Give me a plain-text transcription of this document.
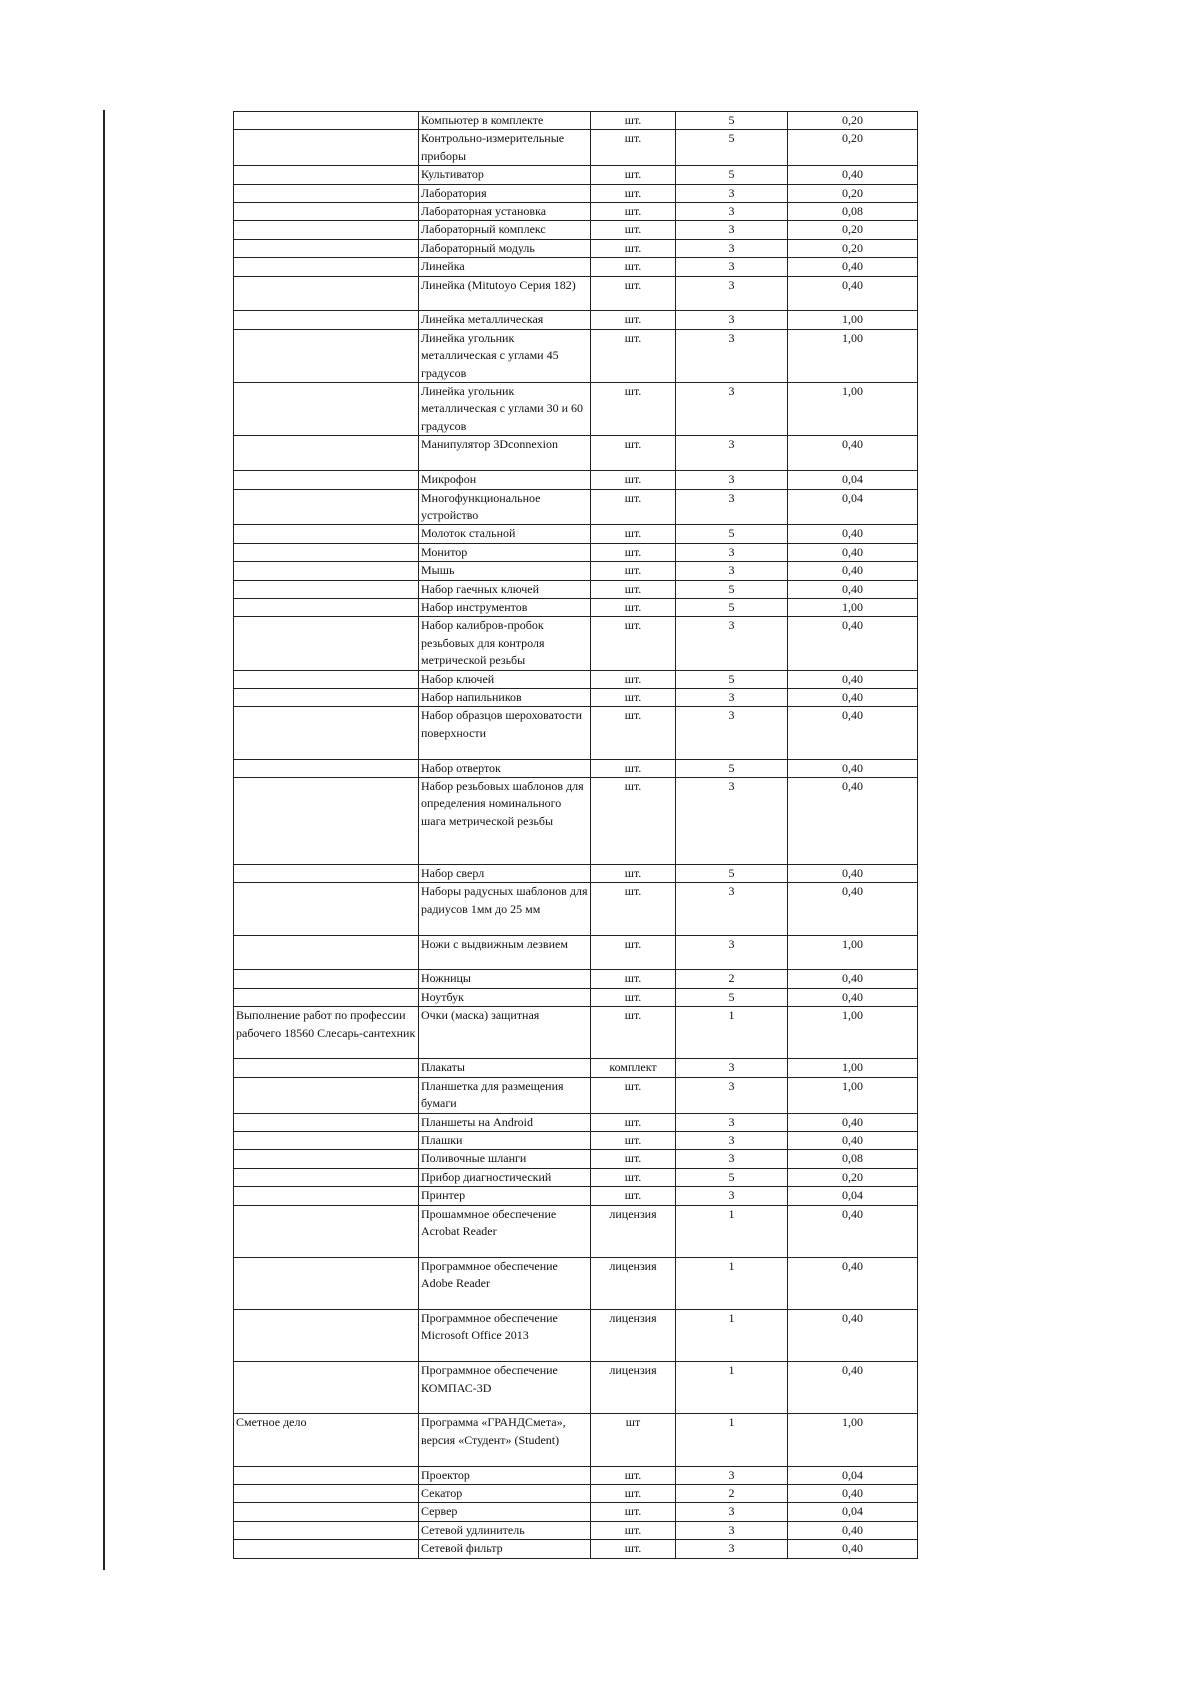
	Компьютер в комплекте	шт.	5	0,20
	Контрольно-измерительные приборы	шт.	5	0,20
	Культиватор	шт.	5	0,40
	Лаборатория	шт.	3	0,20
	Лабораторная установка	шт.	3	0,08
	Лабораторный комплекс	шт.	3	0,20
	Лабораторный модуль	шт.	3	0,20
	Линейка	шт.	3	0,40
	Линейка (Mitutoyo Серия 182)	шт.	3	0,40
	Линейка металлическая	шт.	3	1,00
	Линейка угольник металлическая с углами 45 градусов	шт.	3	1,00
	Линейка угольник металлическая с углами 30 и 60 градусов	шт.	3	1,00
	Манипулятор 3Dconnexion	шт.	3	0,40
	Микрофон	шт.	3	0,04
	Многофункциональное устройство	шт.	3	0,04
	Молоток стальной	шт.	5	0,40
	Монитор	шт.	3	0,40
	Мышь	шт.	3	0,40
	Набор гаечных ключей	шт.	5	0,40
	Набор инструментов	шт.	5	1,00
	Набор калибров-пробок резьбовых для контроля метрической резьбы	шт.	3	0,40
	Набор ключей	шт.	5	0,40
	Набор напильников	шт.	3	0,40
	Набор образцов шероховатости поверхности	шт.	3	0,40
	Набор отверток	шт.	5	0,40
	Набор резьбовых шаблонов для определения номинального шага метрической резьбы	шт.	3	0,40
	Набор сверл	шт.	5	0,40
	Наборы радусных шаблонов для радиусов 1мм до 25 мм	шт.	3	0,40
	Ножи с выдвижным лезвием	шт.	3	1,00
	Ножницы	шт.	2	0,40
	Ноутбук	шт.	5	0,40
Выполнение работ по профессии рабочего 18560 Слесарь-сантехник	Очки (маска) защитная	шт.	1	1,00
	Плакаты	комплект	3	1,00
	Планшетка для размещения бумаги	шт.	3	1,00
	Планшеты на Android	шт.	3	0,40
	Плашки	шт.	3	0,40
	Поливочные шланги	шт.	3	0,08
	Прибор диагностический	шт.	5	0,20
	Принтер	шт.	3	0,04
	Прошаммное обеспечение Acrobat Reader	лицензия	1	0,40
	Программное обеспечение Adobe Reader	лицензия	1	0,40
	Программное обеспечение Microsoft Office 2013	лицензия	1	0,40
	Программное обеспечение КОМПАС-3D	лицензия	1	0,40
Сметное дело	Программа «ГРАНДСмета», версия «Студент» (Student)	шт	1	1,00
	Проектор	шт.	3	0,04
	Секатор	шт.	2	0,40
	Сервер	шт.	3	0,04
	Сетевой удлинитель	шт.	3	0,40
	Сетевой фильтр	шт.	3	0,40
